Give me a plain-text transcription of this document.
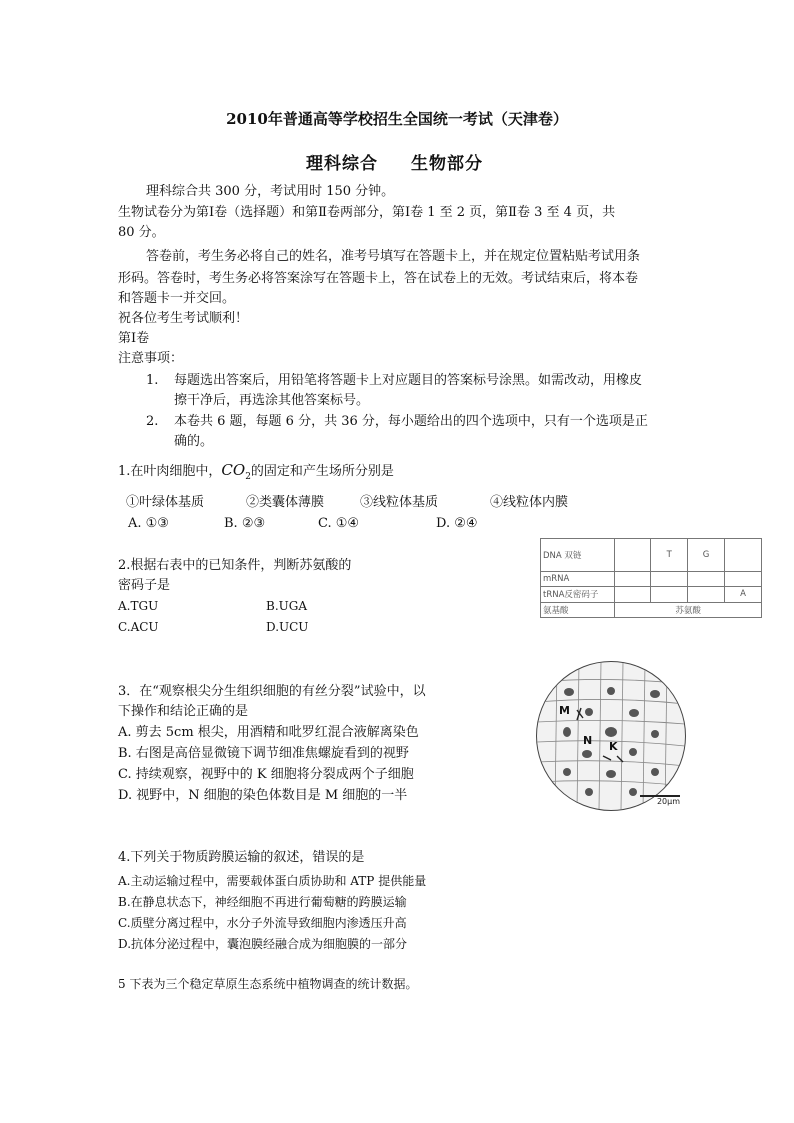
2010年普通高等学校招生全国统一考试（天津卷）
理科综合 生物部分
理科综合共 300 分，考试用时 150 分钟。
生物试卷分为第Ⅰ卷（选择题）和第Ⅱ卷两部分，第Ⅰ卷 1 至 2 页，第Ⅱ卷 3 至 4 页，共
80 分。
答卷前，考生务必将自己的姓名，准考号填写在答题卡上，并在规定位置粘贴考试用条
形码。答卷时，考生务必将答案涂写在答题卡上，答在试卷上的无效。考试结束后，将本卷
和答题卡一并交回。
祝各位考生考试顺利！
第Ⅰ卷
注意事项：
1. 每题选出答案后，用铅笔将答题卡上对应题目的答案标号涂黑。如需改动，用橡皮
擦干净后，再选涂其他答案标号。
2. 本卷共 6 题，每题 6 分，共 36 分，每小题给出的四个选项中，只有一个选项是正
确的。
1.在叶肉细胞中，$CO_2$的固定和产生场所分别是
①叶绿体基质	②类囊体薄膜	③线粒体基质	④线粒体内膜
A. ①③	B. ②③	C. ①④	D. ②④
2.根据右表中的已知条件，判断苏氨酸的
密码子是
A.TGU	B.UGA
C.ACU	D.UCU
DNA 双链		T	G	
mRNA				
tRNA反密码子				A
氨基酸	苏氨酸			
3．在“观察根尖分生组织细胞的有丝分裂”试验中，以
下操作和结论正确的是
A. 剪去 5cm 根尖，用酒精和吡罗红混合液解离染色
B. 右图是高倍显微镜下调节细准焦螺旋看到的视野
C. 持续观察，视野中的 K 细胞将分裂成两个子细胞
D. 视野中，N 细胞的染色体数目是 M 细胞的一半
M
N K
20μm
4.下列关于物质跨膜运输的叙述，错误的是
A.主动运输过程中，需要载体蛋白质协助和 ATP 提供能量
B.在静息状态下，神经细胞不再进行葡萄糖的跨膜运输
C.质壁分离过程中，水分子外流导致细胞内渗透压升高
D.抗体分泌过程中，囊泡膜经融合成为细胞膜的一部分
5 下表为三个稳定草原生态系统中植物调查的统计数据。
